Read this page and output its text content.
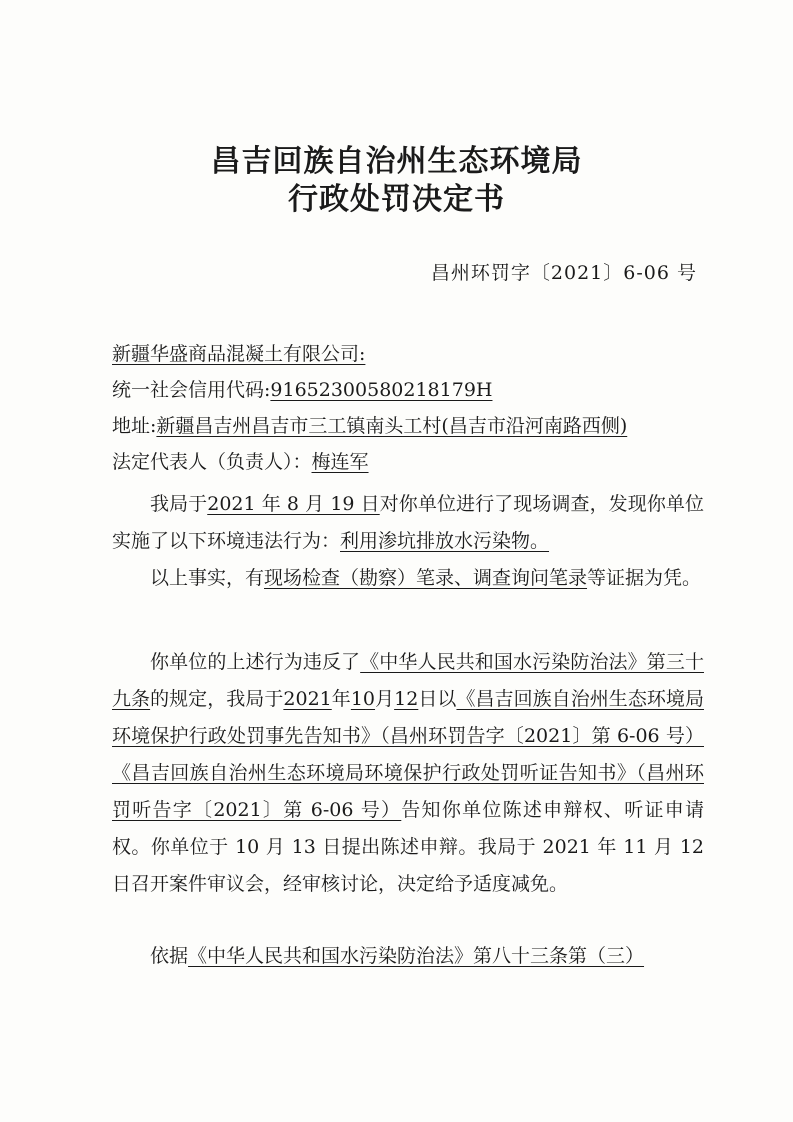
昌吉回族自治州生态环境局
行政处罚决定书
昌州环罚字〔2021〕6-06 号
新疆华盛商品混凝土有限公司:
统一社会信用代码:91652300580218179H
地址:新疆昌吉州昌吉市三工镇南头工村(昌吉市沿河南路西侧)
法定代表人（负责人）：梅连军
我局于2021 年 8 月 19 日对你单位进行了现场调查，发现你单位实施了以下环境违法行为：利用渗坑排放水污染物。
以上事实，有现场检查（勘察）笔录、调查询问笔录等证据为凭。
你单位的上述行为违反了《中华人民共和国水污染防治法》第三十九条的规定，我局于2021年10月12日以《昌吉回族自治州生态环境局环境保护行政处罚事先告知书》（昌州环罚告字〔2021〕第 6-06 号）《昌吉回族自治州生态环境局环境保护行政处罚听证告知书》（昌州环罚听告字〔2021〕第 6-06 号）告知你单位陈述申辩权、听证申请权。你单位于 10 月 13 日提出陈述申辩。我局于 2021 年 11 月 12 日召开案件审议会，经审核讨论，决定给予适度减免。
依据《中华人民共和国水污染防治法》第八十三条第（三）
